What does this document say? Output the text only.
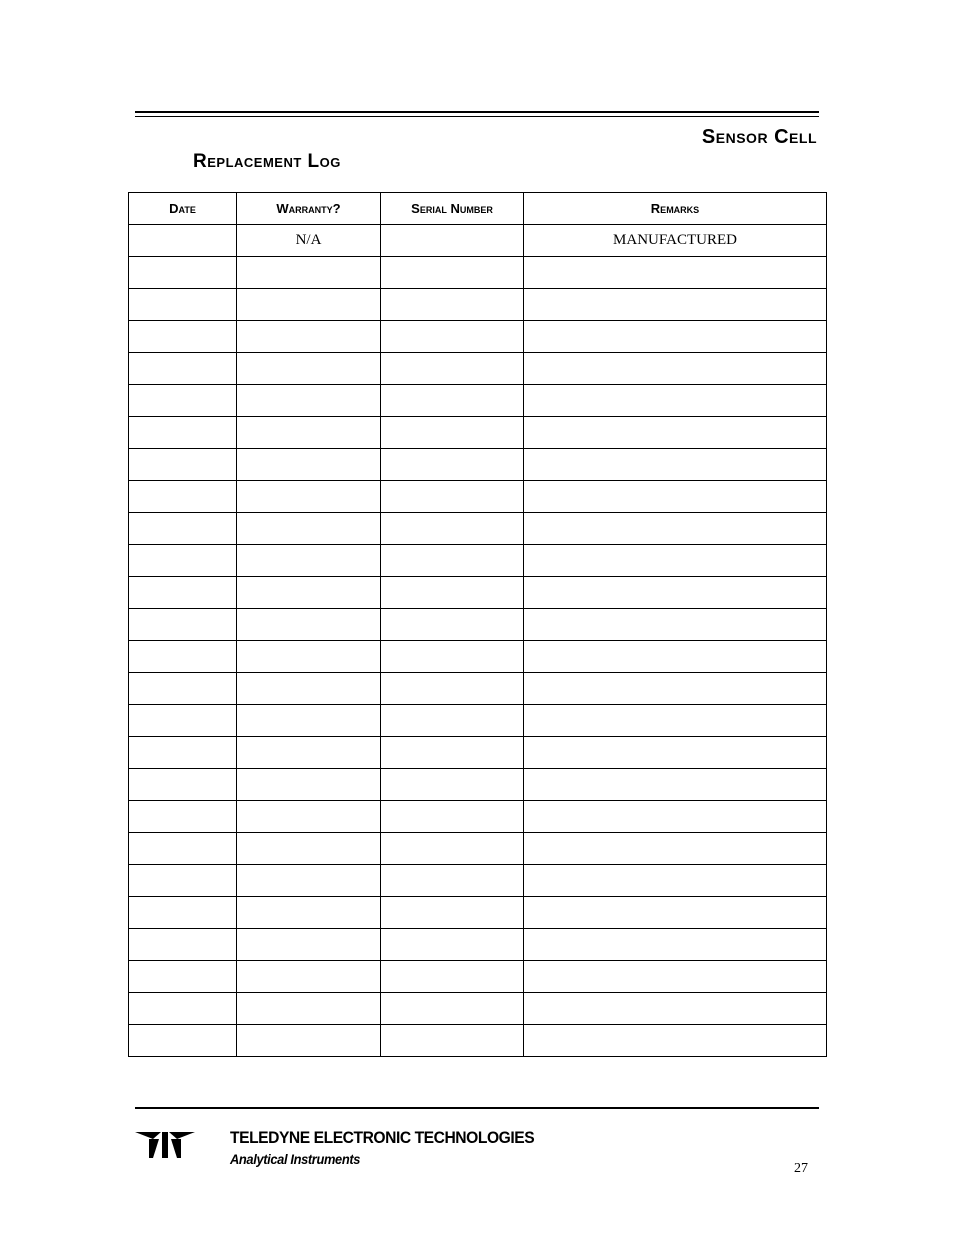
Sensor Cell
Replacement Log
Date	Warranty?	Serial Number	Remarks
	N/A		MANUFACTURED

TELEDYNE ELECTRONIC TECHNOLOGIES
Analytical Instruments
27
